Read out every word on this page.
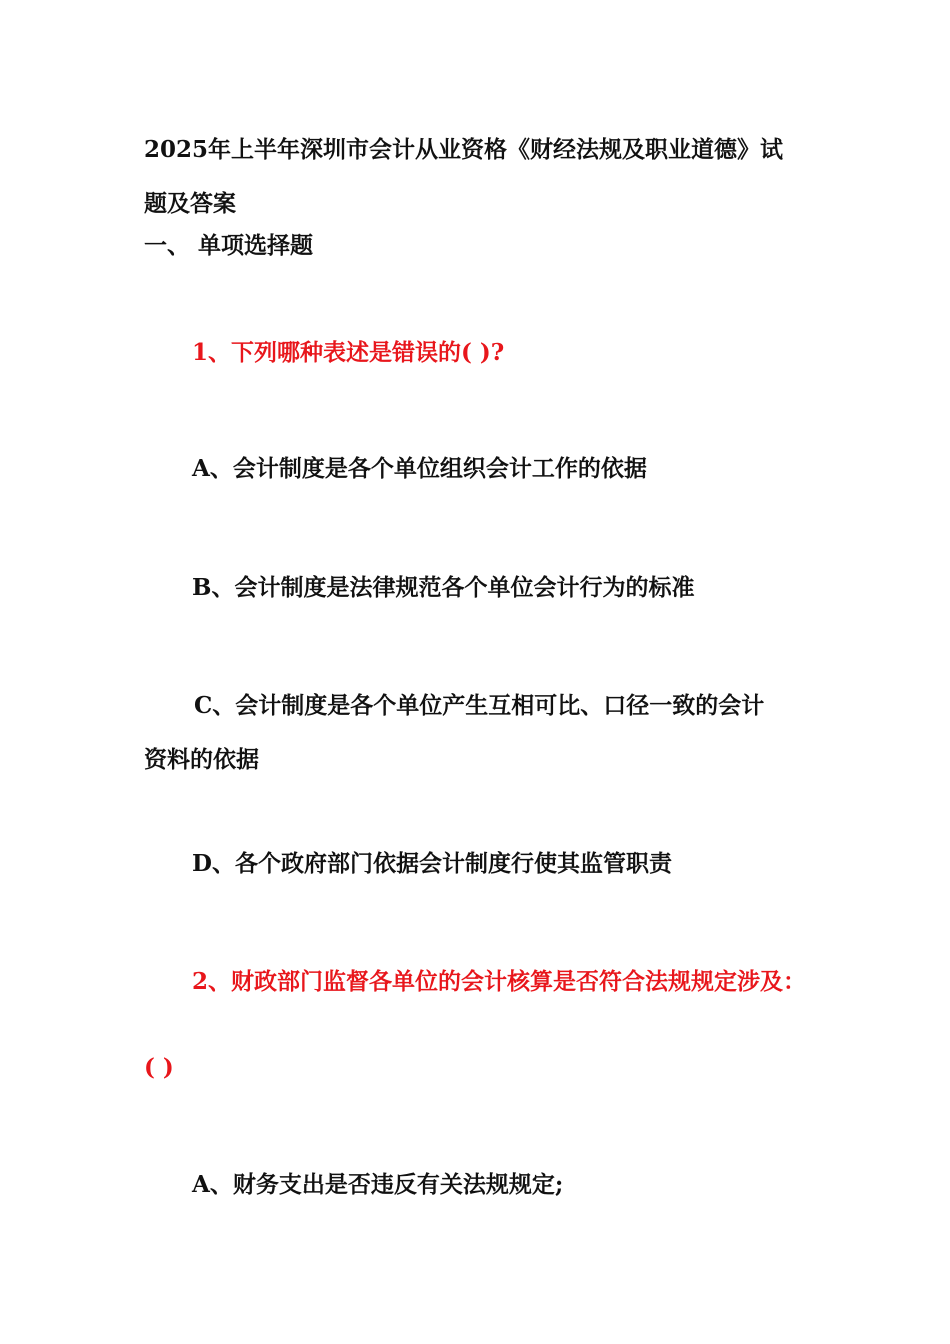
2025年上半年深圳市会计从业资格《财经法规及职业道德》试
题及答案
一、 单项选择题
1、下列哪种表述是错误的( )?
A、会计制度是各个单位组织会计工作的依据
B、会计制度是法律规范各个单位会计行为的标准
C、会计制度是各个单位产生互相可比、口径一致的会计
资料的依据
D、各个政府部门依据会计制度行使其监管职责
2、财政部门监督各单位的会计核算是否符合法规规定涉及：
( )
A、财务支出是否违反有关法规规定;
